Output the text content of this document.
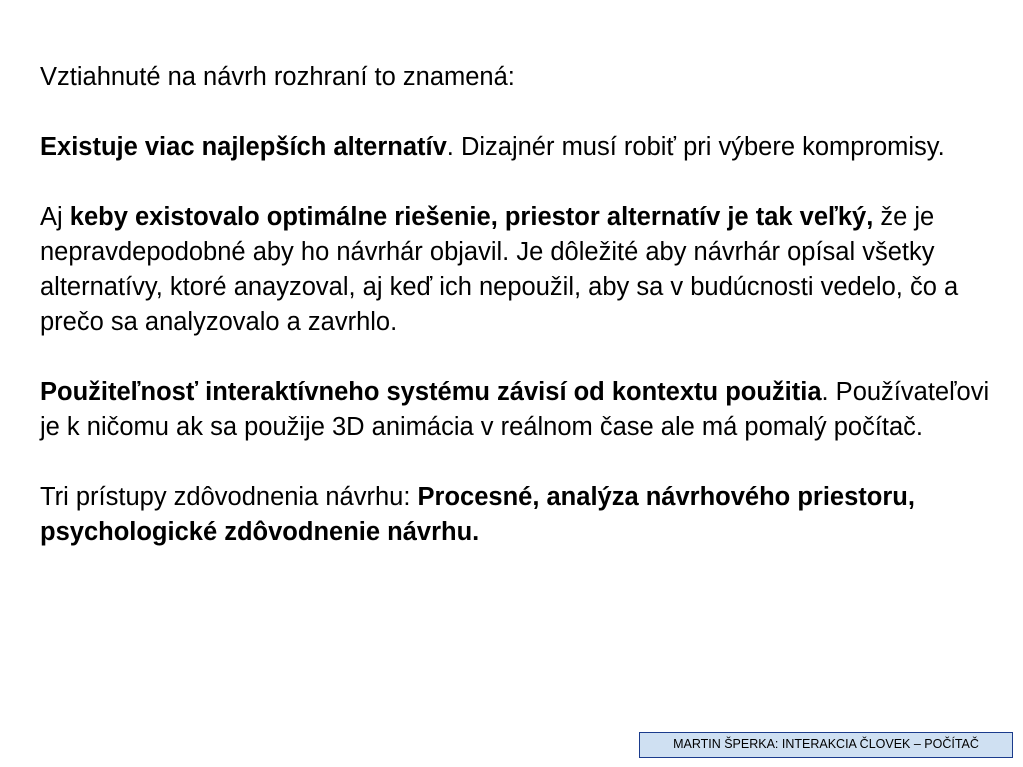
Vztiahnuté na návrh rozhraní to znamená:

Existuje viac najlepších alternatív. Dizajnér musí robiť pri výbere kompromisy.

Aj keby existovalo optimálne riešenie, priestor alternatív je tak veľký, že je nepravdepodobné aby ho návrhár objavil. Je dôležité aby návrhár opísal všetky alternatívy, ktoré anayzoval, aj keď ich nepoužil, aby sa v budúcnosti vedelo, čo a prečo sa analyzovalo a zavrhlo.

Použiteľnosť interaktívneho systému závisí od kontextu použitia. Používateľovi je k ničomu ak sa použije 3D animácia v reálnom čase ale má pomalý počítač.

Tri prístupy zdôvodnenia návrhu: Procesné, analýza návrhového priestoru, psychologické zdôvodnenie návrhu.

MARTIN ŠPERKA: INTERAKCIA ČLOVEK – POČÍTAČ
